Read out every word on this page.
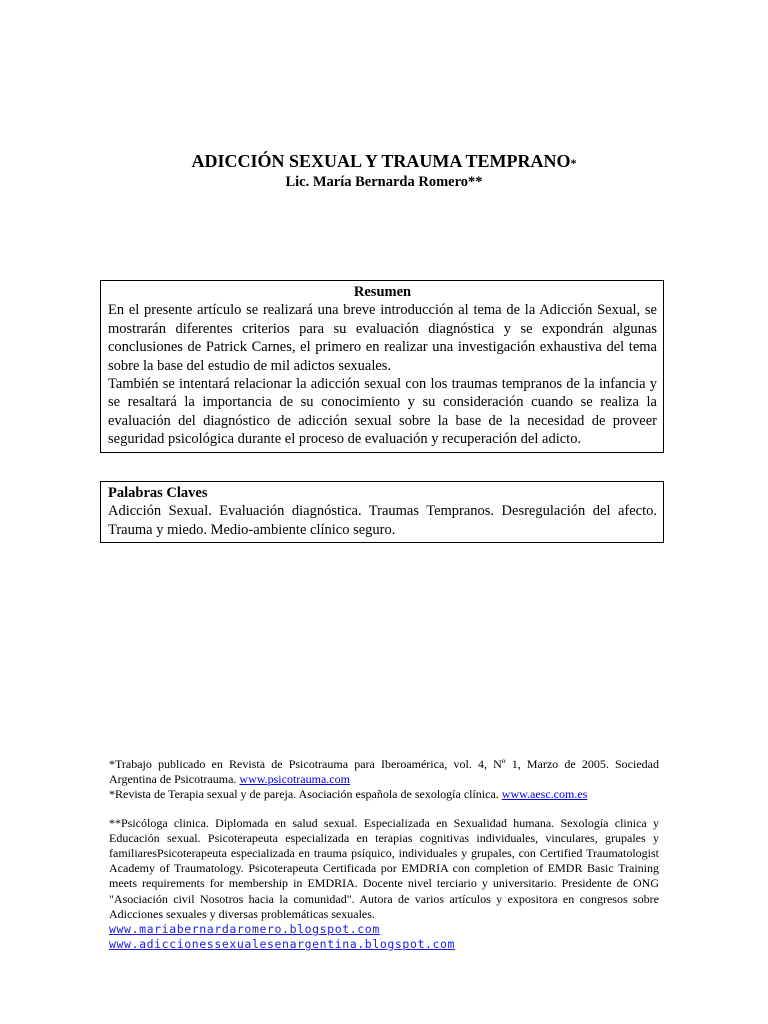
ADICCIÓN SEXUAL Y TRAUMA TEMPRANO*
Lic. María Bernarda Romero**
Resumen

En el presente artículo se realizará una breve introducción al tema de la Adicción Sexual, se mostrarán diferentes criterios para su evaluación diagnóstica y se expondrán algunas conclusiones de Patrick Carnes, el primero en realizar una investigación exhaustiva del tema sobre la base del estudio de mil adictos sexuales.

También se intentará relacionar la adicción sexual con los traumas tempranos de la infancia y se resaltará la importancia de su conocimiento y su consideración cuando se realiza la evaluación del diagnóstico de adicción sexual sobre la base de la necesidad de proveer seguridad psicológica durante el proceso de evaluación y recuperación del adicto.

Palabras Claves

Adicción Sexual. Evaluación diagnóstica. Traumas Tempranos. Desregulación del afecto. Trauma y miedo. Medio-ambiente clínico seguro.

*Trabajo publicado en Revista de Psicotrauma para Iberoamérica, vol. 4, Nº 1, Marzo de 2005. Sociedad Argentina de Psicotrauma. www.psicotrauma.com

*Revista de Terapia sexual y de pareja. Asociación española de sexología clínica. www.aesc.com.es

**Psicóloga clinica. Diplomada en salud sexual. Especializada en Sexualidad humana. Sexología clinica y Educación sexual. Psicoterapeuta especializada en terapias cognitivas individuales, vinculares, grupales y familiaresPsicoterapeuta especializada en trauma psíquico, individuales y grupales, con Certified Traumatologist Academy of Traumatology. Psicoterapeuta Certificada por EMDRIA con completion of EMDR Basic Training meets requirements for membership in EMDRIA. Docente nivel terciario y universitario. Presidente de ONG "Asociación civil Nosotros hacia la comunidad". Autora de varios artículos y expositora en congresos sobre Adicciones sexuales y diversas problemáticas sexuales.

www.mariabernardaromero.blogspot.com
www.adiccionessexualesenargentina.blogspot.com
